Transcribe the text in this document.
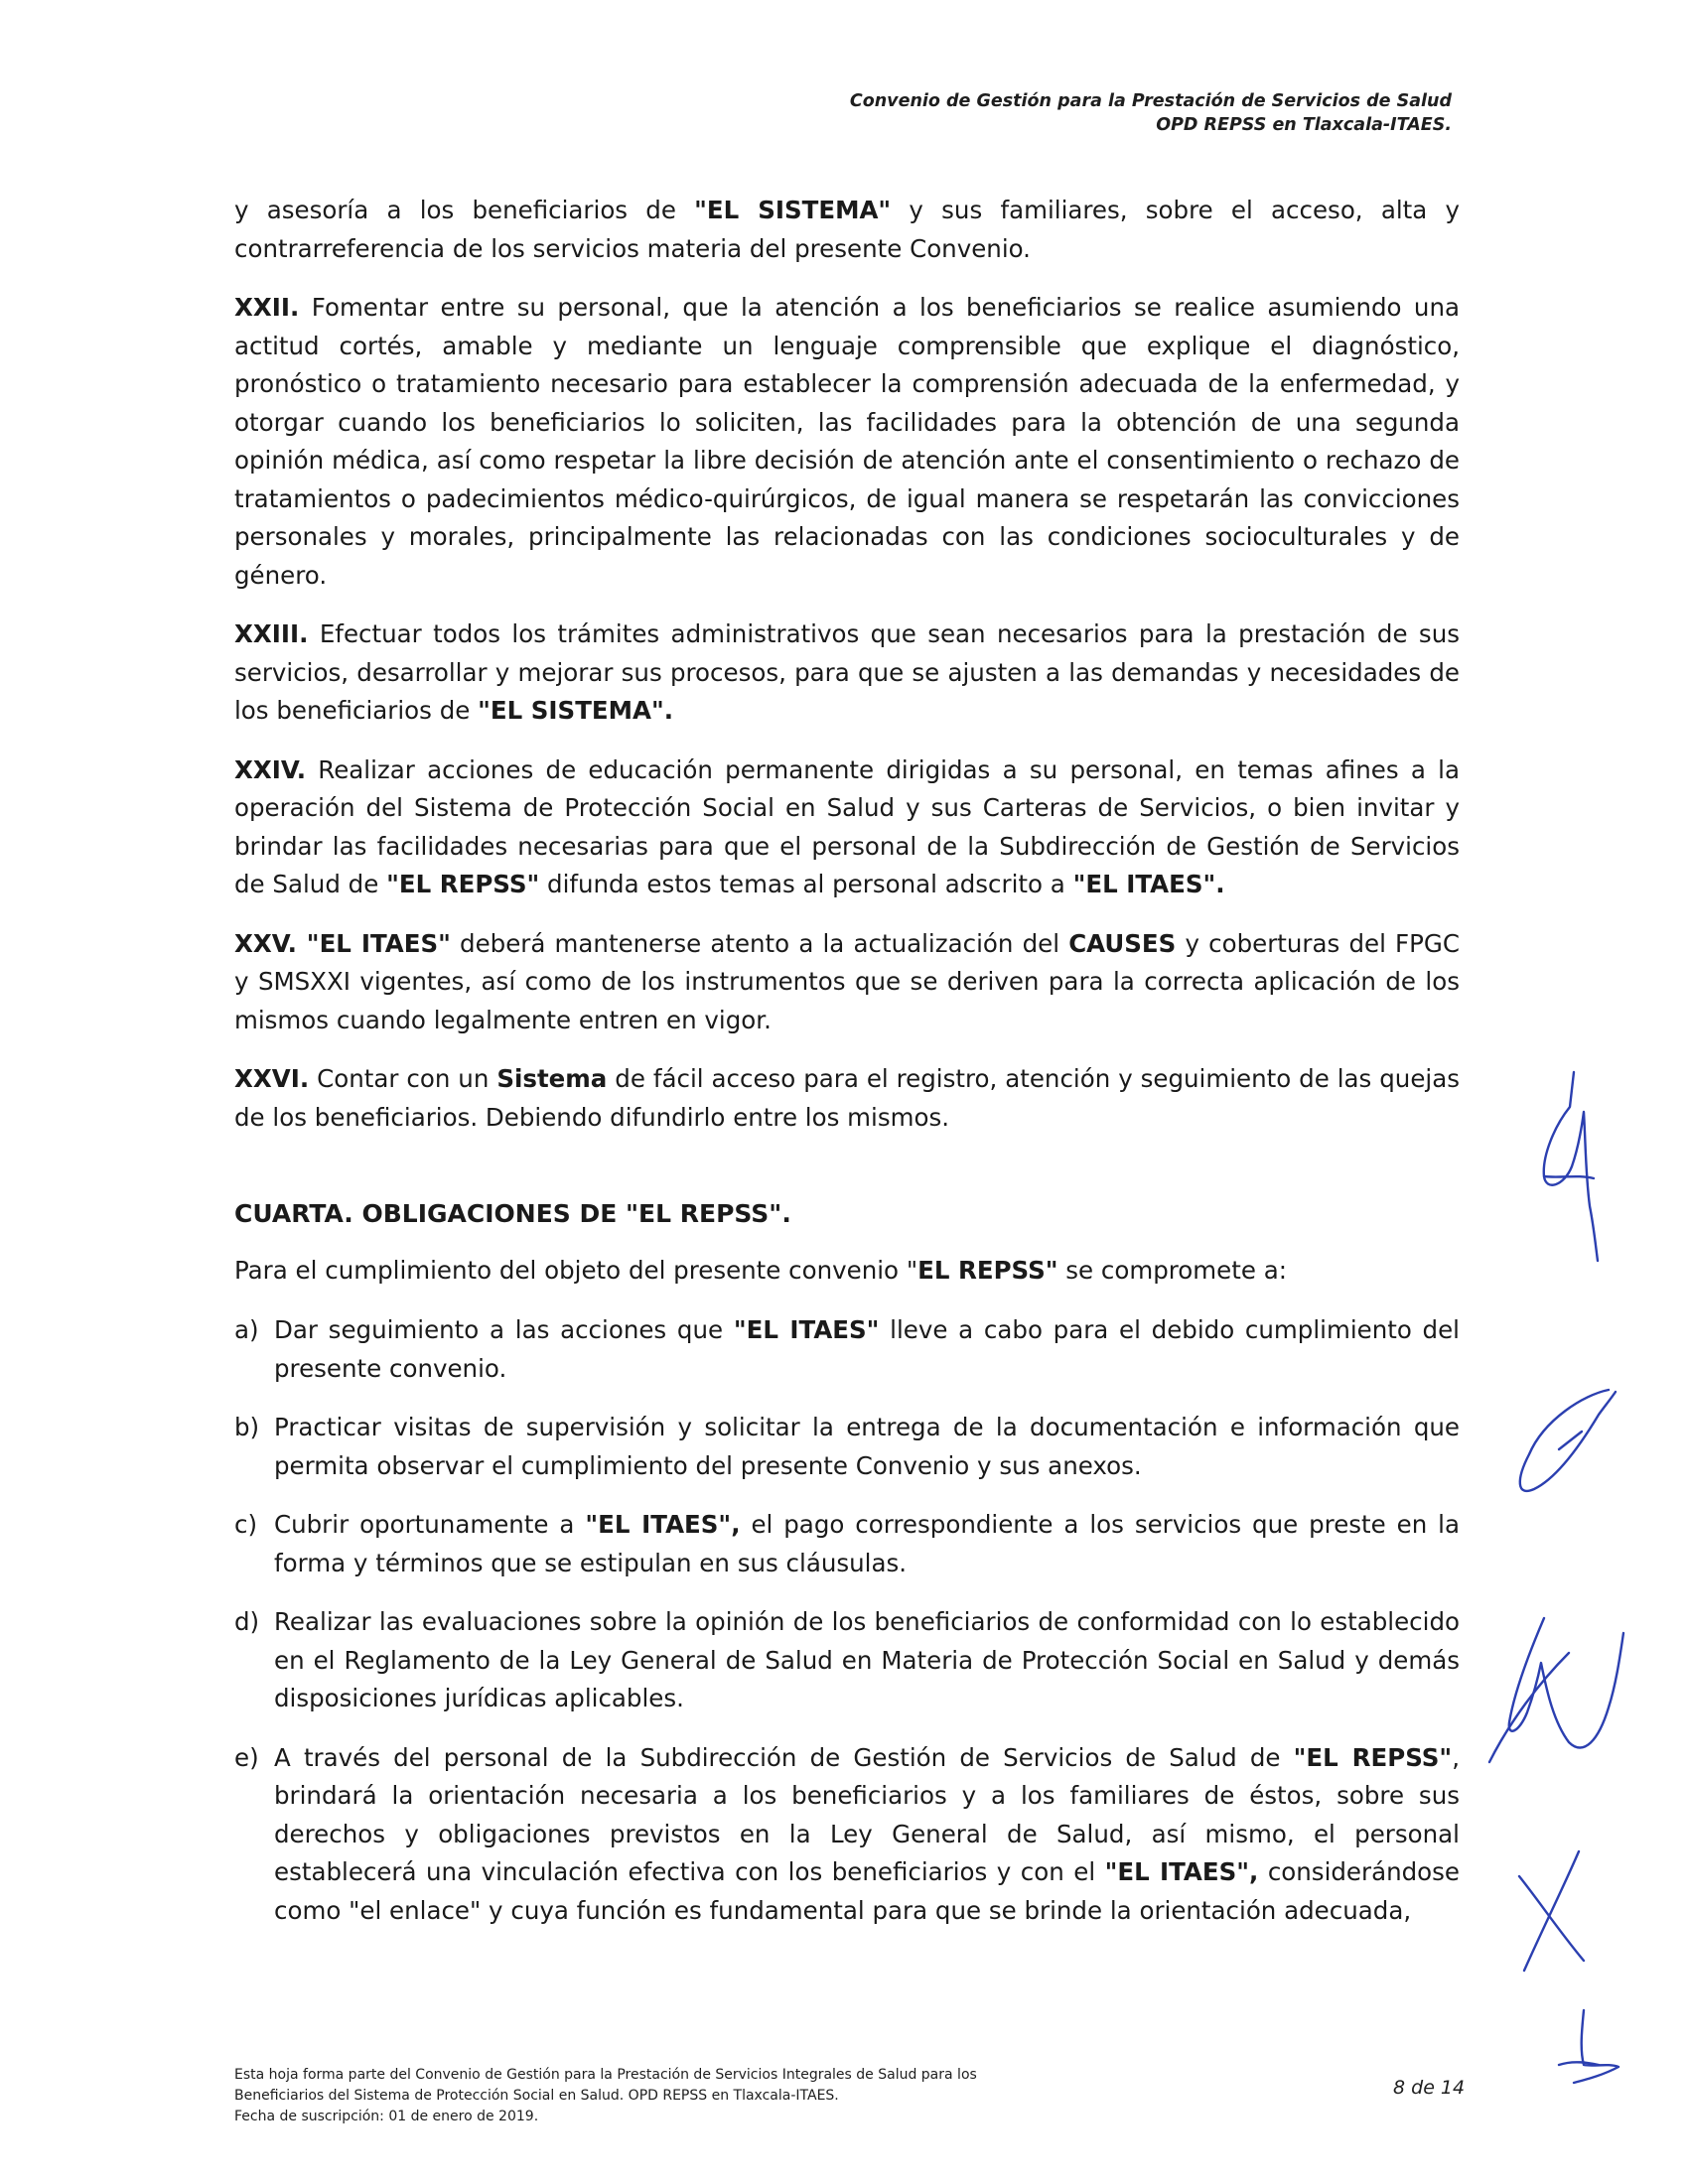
Convenio de Gestión para la Prestación de Servicios de Salud
OPD REPSS en Tlaxcala-ITAES.

y asesoría a los beneficiarios de "EL SISTEMA" y sus familiares, sobre el acceso, alta y contrarreferencia de los servicios materia del presente Convenio.

XXII. Fomentar entre su personal, que la atención a los beneficiarios se realice asumiendo una actitud cortés, amable y mediante un lenguaje comprensible que explique el diagnóstico, pronóstico o tratamiento necesario para establecer la comprensión adecuada de la enfermedad, y otorgar cuando los beneficiarios lo soliciten, las facilidades para la obtención de una segunda opinión médica, así como respetar la libre decisión de atención ante el consentimiento o rechazo de tratamientos o padecimientos médico-quirúrgicos, de igual manera se respetarán las convicciones personales y morales, principalmente las relacionadas con las condiciones socioculturales y de género.

XXIII. Efectuar todos los trámites administrativos que sean necesarios para la prestación de sus servicios, desarrollar y mejorar sus procesos, para que se ajusten a las demandas y necesidades de los beneficiarios de "EL SISTEMA".

XXIV. Realizar acciones de educación permanente dirigidas a su personal, en temas afines a la operación del Sistema de Protección Social en Salud y sus Carteras de Servicios, o bien invitar y brindar las facilidades necesarias para que el personal de la Subdirección de Gestión de Servicios de Salud de "EL REPSS" difunda estos temas al personal adscrito a "EL ITAES".

XXV. "EL ITAES" deberá mantenerse atento a la actualización del CAUSES y coberturas del FPGC y SMSXXI vigentes, así como de los instrumentos que se deriven para la correcta aplicación de los mismos cuando legalmente entren en vigor.

XXVI. Contar con un Sistema de fácil acceso para el registro, atención y seguimiento de las quejas de los beneficiarios. Debiendo difundirlo entre los mismos.

CUARTA. OBLIGACIONES DE "EL REPSS".

Para el cumplimiento del objeto del presente convenio "EL REPSS" se compromete a:

a) Dar seguimiento a las acciones que "EL ITAES" lleve a cabo para el debido cumplimiento del presente convenio.
b) Practicar visitas de supervisión y solicitar la entrega de la documentación e información que permita observar el cumplimiento del presente Convenio y sus anexos.
c) Cubrir oportunamente a "EL ITAES", el pago correspondiente a los servicios que preste en la forma y términos que se estipulan en sus cláusulas.
d) Realizar las evaluaciones sobre la opinión de los beneficiarios de conformidad con lo establecido en el Reglamento de la Ley General de Salud en Materia de Protección Social en Salud y demás disposiciones jurídicas aplicables.
e) A través del personal de la Subdirección de Gestión de Servicios de Salud de "EL REPSS", brindará la orientación necesaria a los beneficiarios y a los familiares de éstos, sobre sus derechos y obligaciones previstos en la Ley General de Salud, así mismo, el personal establecerá una vinculación efectiva con los beneficiarios y con el "EL ITAES", considerándose como "el enlace" y cuya función es fundamental para que se brinde la orientación adecuada,
Esta hoja forma parte del Convenio de Gestión para la Prestación de Servicios Integrales de Salud para los
Beneficiarios del Sistema de Protección Social en Salud. OPD REPSS en Tlaxcala-ITAES.
Fecha de suscripción: 01 de enero de 2019.
8 de 14
